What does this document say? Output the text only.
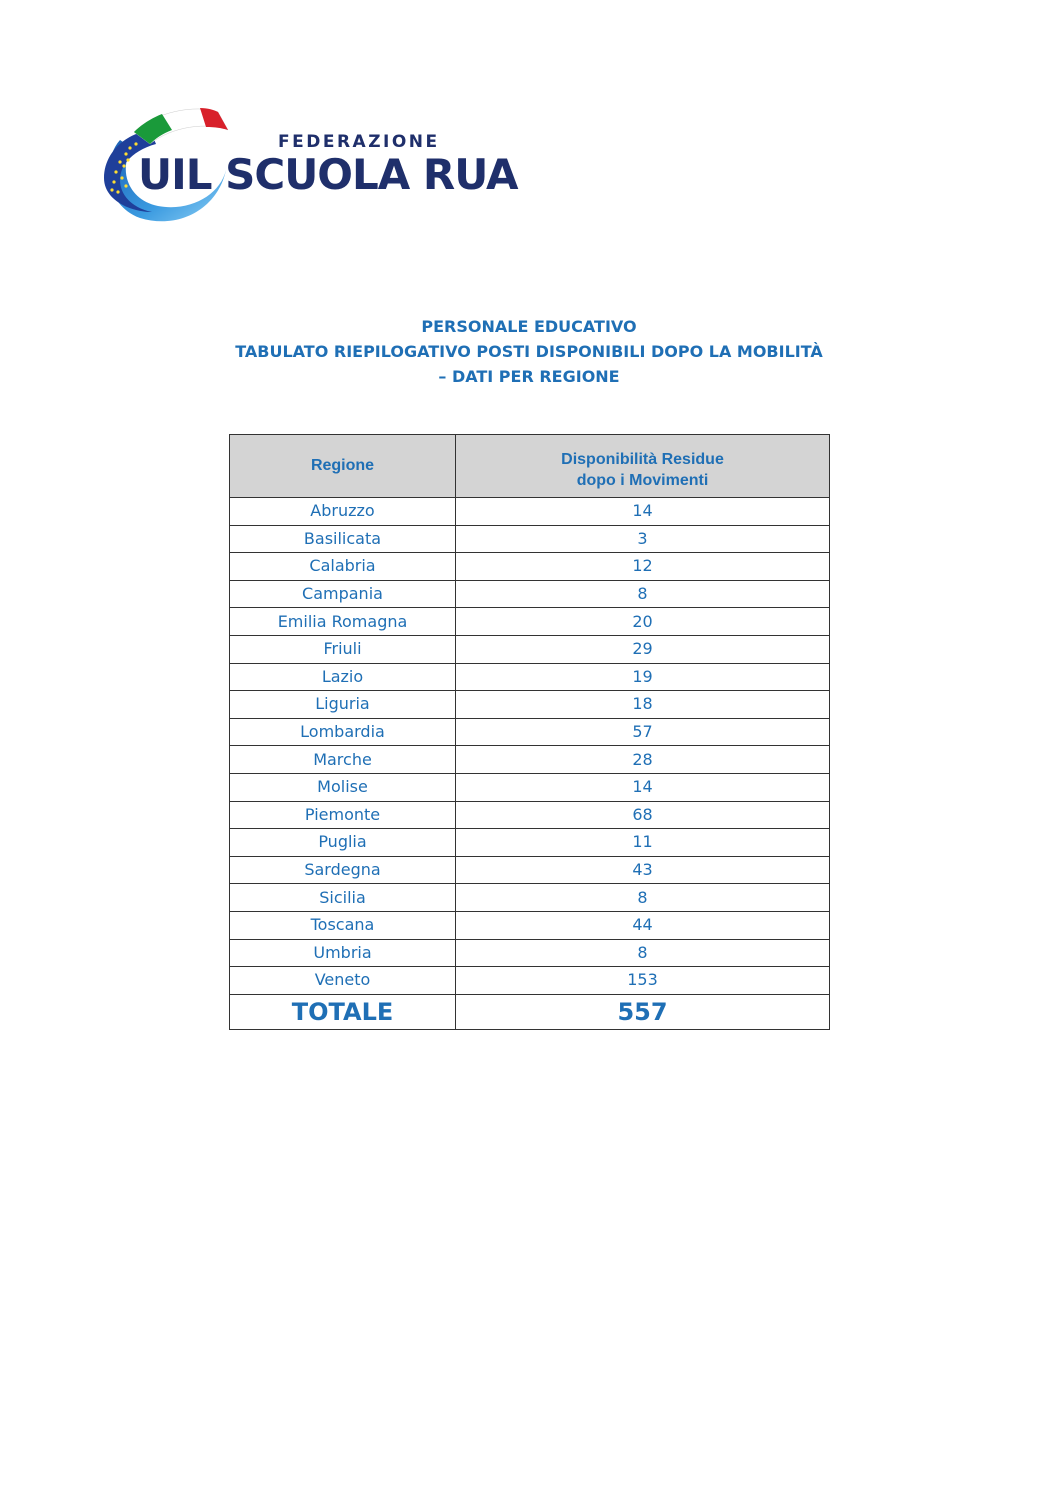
FEDERAZIONE
UIL SCUOLA RUA
PERSONALE EDUCATIVO
TABULATO RIEPILOGATIVO POSTI DISPONIBILI DOPO LA MOBILITÀ
– DATI PER REGIONE
Regione	Disponibilità Residue
dopo i Movimenti

Abruzzo	14
Basilicata	3
Calabria	12
Campania	8
Emilia Romagna	20
Friuli	29
Lazio	19
Liguria	18
Lombardia	57
Marche	28
Molise	14
Piemonte	68
Puglia	11
Sardegna	43
Sicilia	8
Toscana	44
Umbria	8
Veneto	153
TOTALE	557
